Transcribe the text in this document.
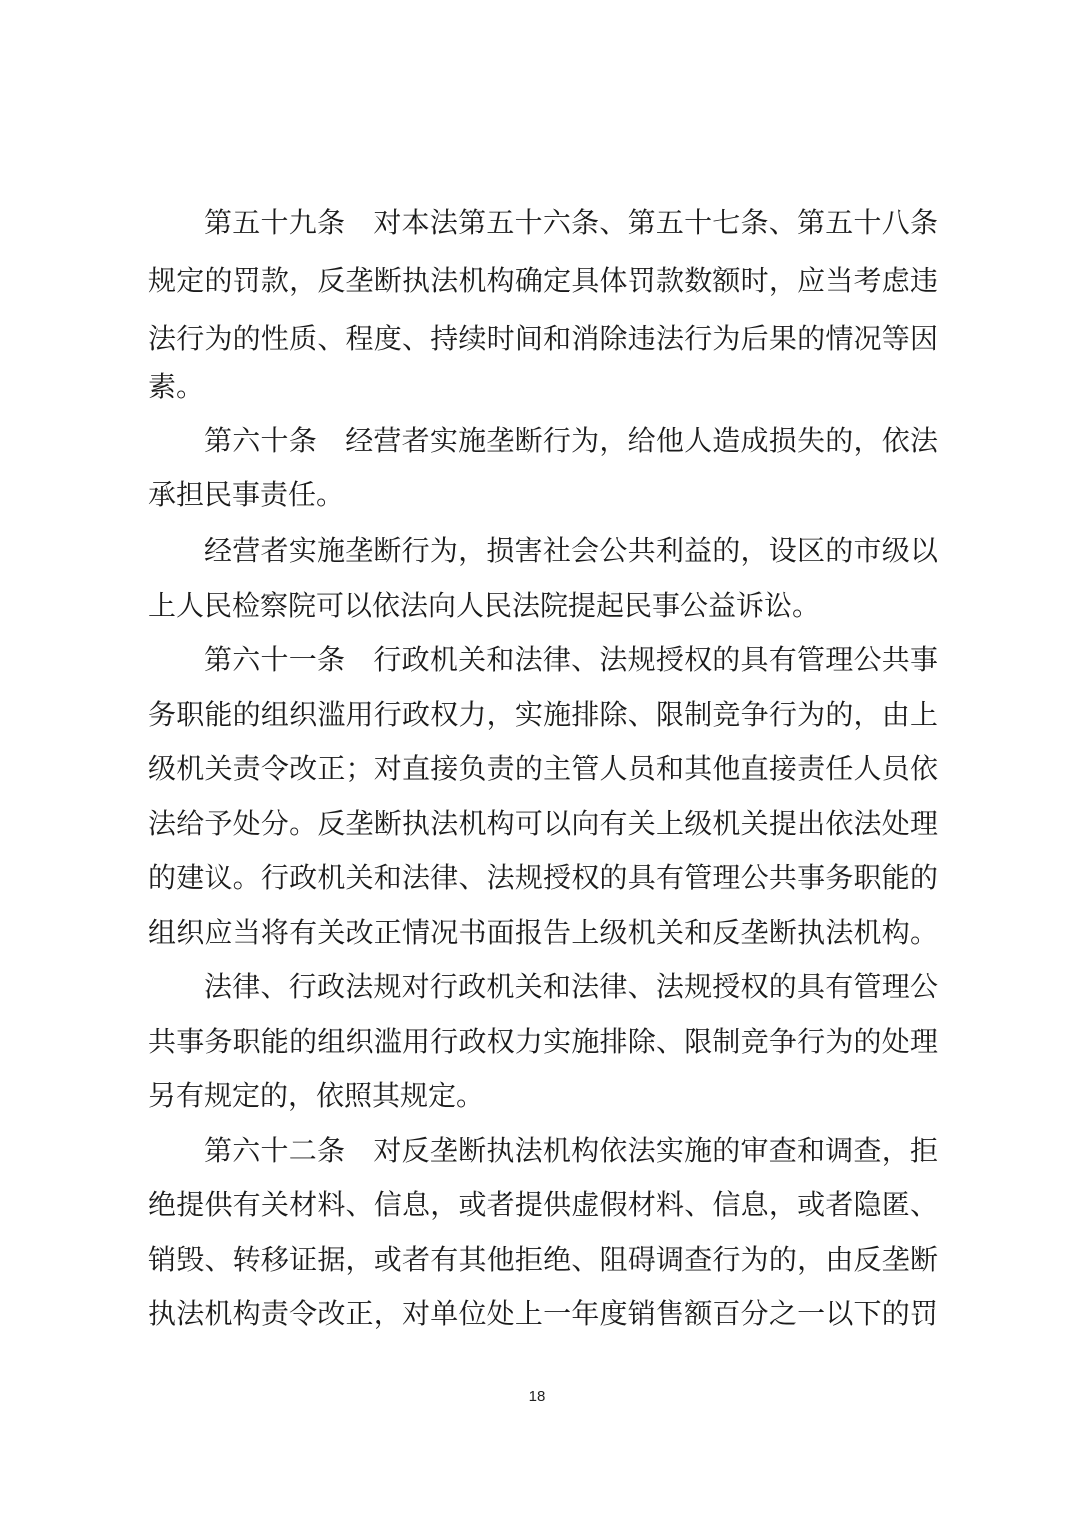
第五十九条　对本法第五十六条、第五十七条、第五十八条
规定的罚款，反垄断执法机构确定具体罚款数额时，应当考虑违
法行为的性质、程度、持续时间和消除违法行为后果的情况等因
素。
第六十条　经营者实施垄断行为，给他人造成损失的，依法
承担民事责任。
经营者实施垄断行为，损害社会公共利益的，设区的市级以
上人民检察院可以依法向人民法院提起民事公益诉讼。
第六十一条　行政机关和法律、法规授权的具有管理公共事
务职能的组织滥用行政权力，实施排除、限制竞争行为的，由上
级机关责令改正；对直接负责的主管人员和其他直接责任人员依
法给予处分。反垄断执法机构可以向有关上级机关提出依法处理
的建议。行政机关和法律、法规授权的具有管理公共事务职能的
组织应当将有关改正情况书面报告上级机关和反垄断执法机构。
法律、行政法规对行政机关和法律、法规授权的具有管理公
共事务职能的组织滥用行政权力实施排除、限制竞争行为的处理
另有规定的，依照其规定。
第六十二条　对反垄断执法机构依法实施的审查和调查，拒
绝提供有关材料、信息，或者提供虚假材料、信息，或者隐匿、
销毁、转移证据，或者有其他拒绝、阻碍调查行为的，由反垄断
执法机构责令改正，对单位处上一年度销售额百分之一以下的罚
18
